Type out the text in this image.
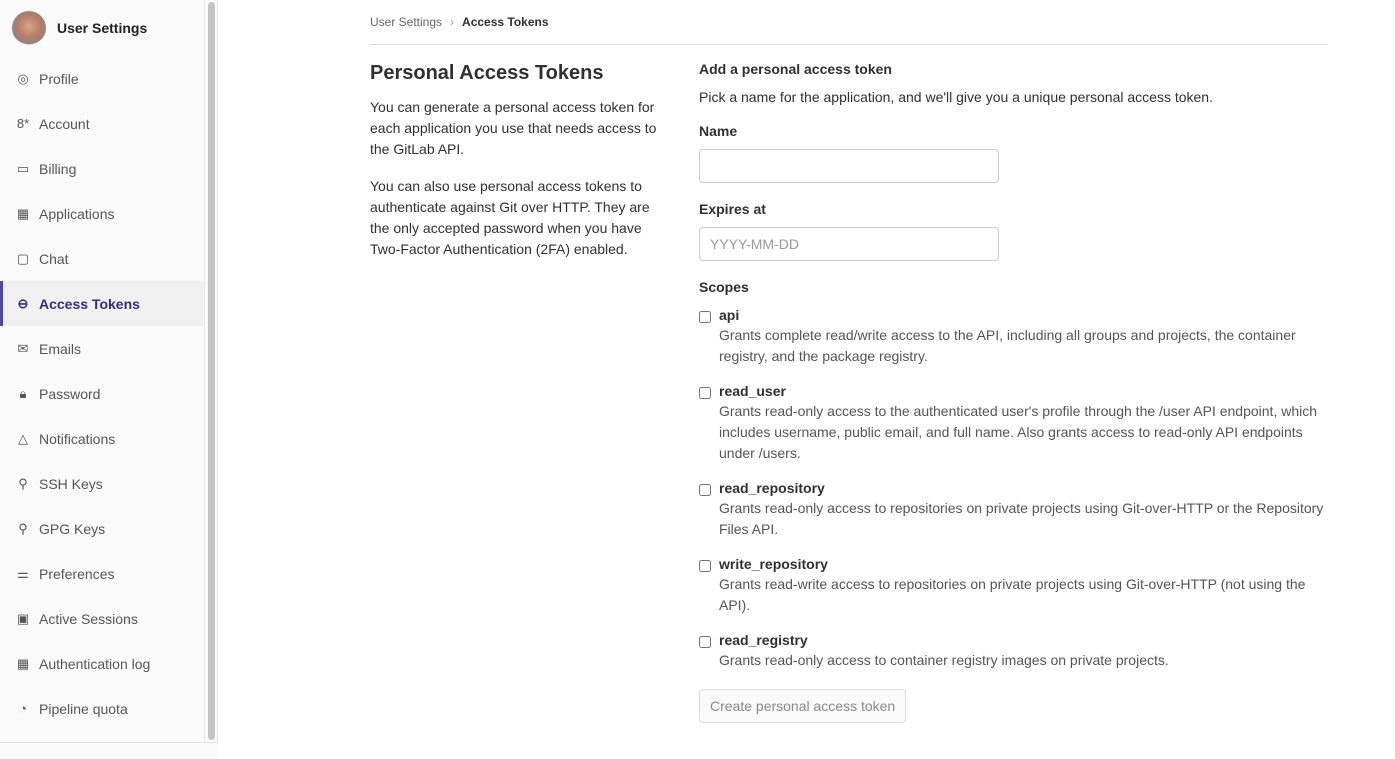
User Settings
◎ Profile
8* Account
▭ Billing
▦ Applications
▢ Chat
⊖ Access Tokens
✉ Emails
🔒︎ Password
△ Notifications
⚲ SSH Keys
⚲ GPG Keys
⚌ Preferences
▣ Active Sessions
▦ Authentication log
◔ Pipeline quota
User Settings › Access Tokens
Personal Access Tokens

You can generate a personal access token for each application you use that needs access to the GitLab API.

You can also use personal access tokens to authenticate against Git over HTTP. They are the only accepted password when you have Two-Factor Authentication (2FA) enabled.

Add a personal access token
Pick a name for the application, and we'll give you a unique personal access token.
Name
Expires at
YYYY-MM-DD
Scopes
api
Grants complete read/write access to the API, including all groups and projects, the container registry, and the package registry.
read_user
Grants read-only access to the authenticated user's profile through the /user API endpoint, which includes username, public email, and full name. Also grants access to read-only API endpoints under /users.
read_repository
Grants read-only access to repositories on private projects using Git-over-HTTP or the Repository Files API.
write_repository
Grants read-write access to repositories on private projects using Git-over-HTTP (not using the API).
read_registry
Grants read-only access to container registry images on private projects.
Create personal access token
